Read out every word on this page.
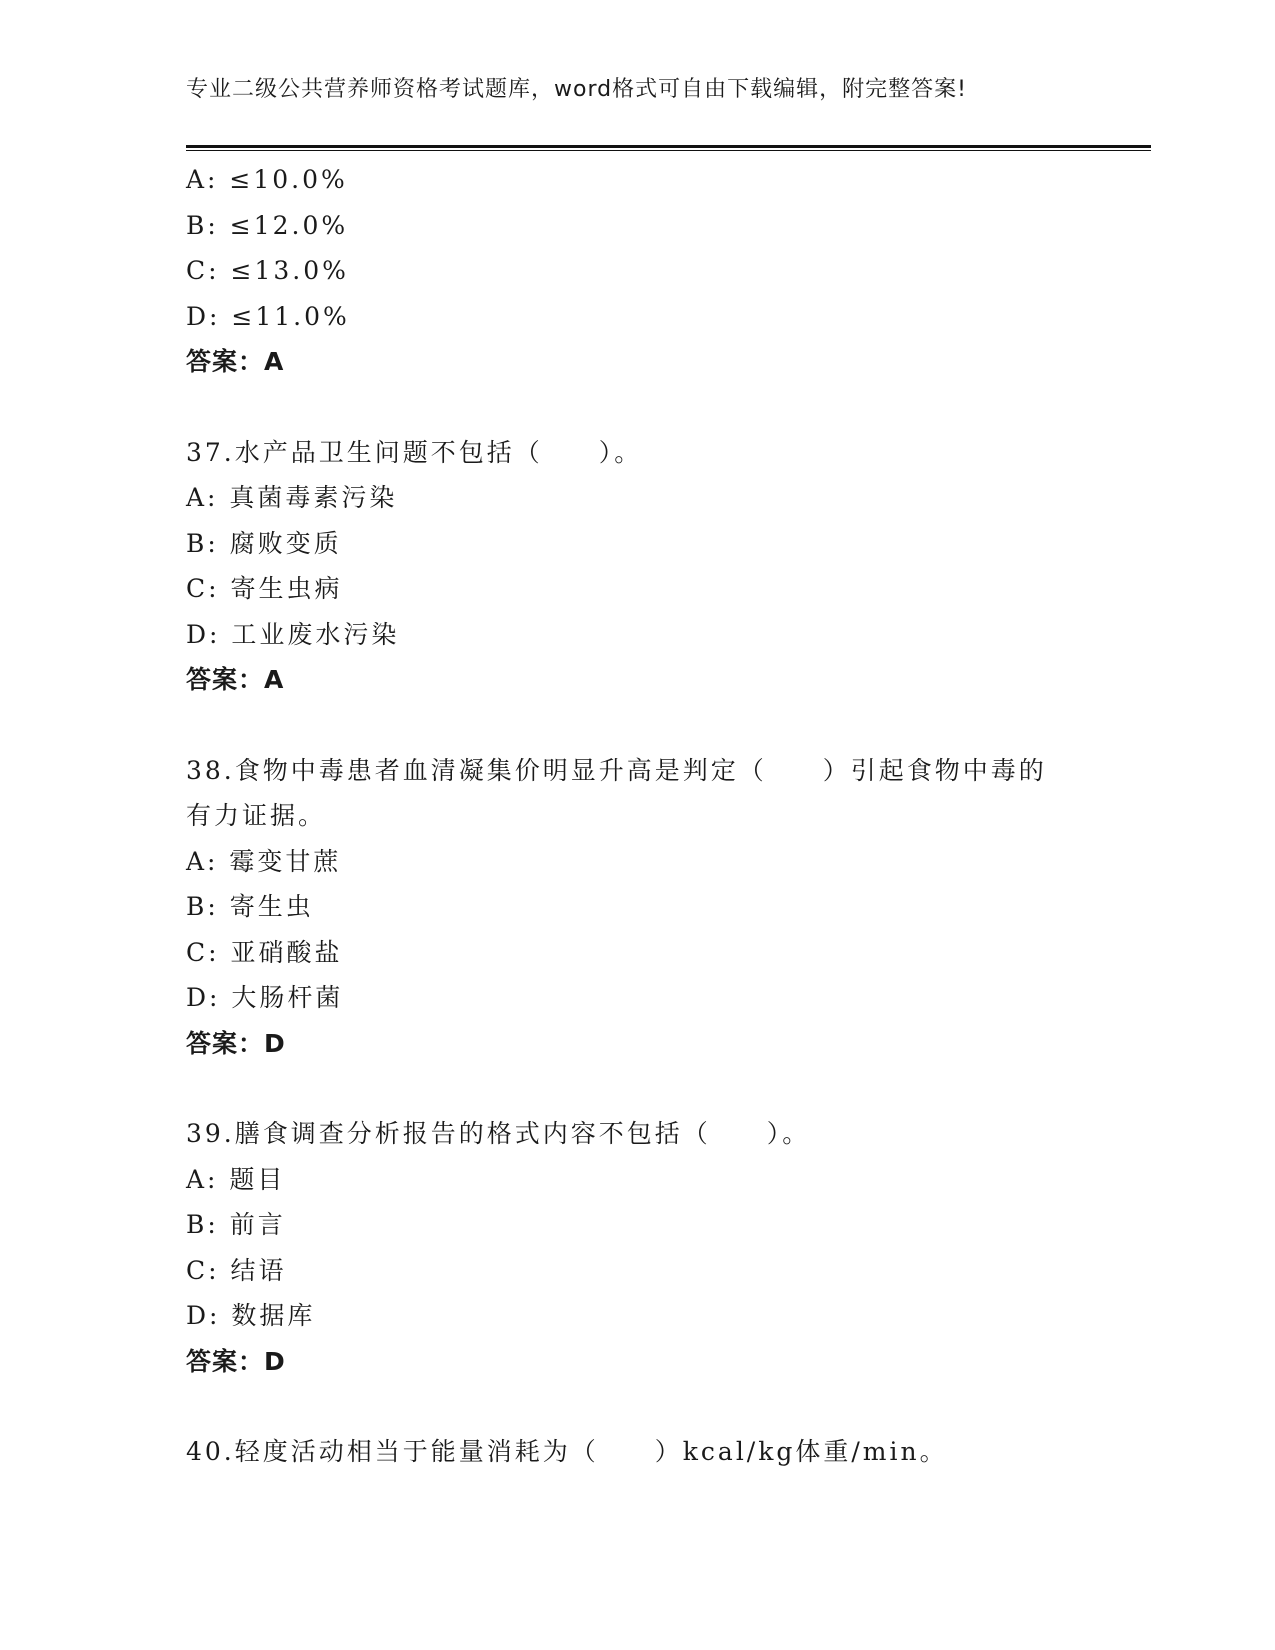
专业二级公共营养师资格考试题库，word格式可自由下载编辑，附完整答案!
A: ≤10.0%
B: ≤12.0%
C: ≤13.0%
D: ≤11.0%
答案：A
37.水产品卫生问题不包括（　　）。
A: 真菌毒素污染
B: 腐败变质
C: 寄生虫病
D: 工业废水污染
答案：A
38.食物中毒患者血清凝集价明显升高是判定（　　）引起食物中毒的
有力证据。
A: 霉变甘蔗
B: 寄生虫
C: 亚硝酸盐
D: 大肠杆菌
答案：D
39.膳食调查分析报告的格式内容不包括（　　）。
A: 题目
B: 前言
C: 结语
D: 数据库
答案：D
40.轻度活动相当于能量消耗为（　　）kcal/kg体重/min。
